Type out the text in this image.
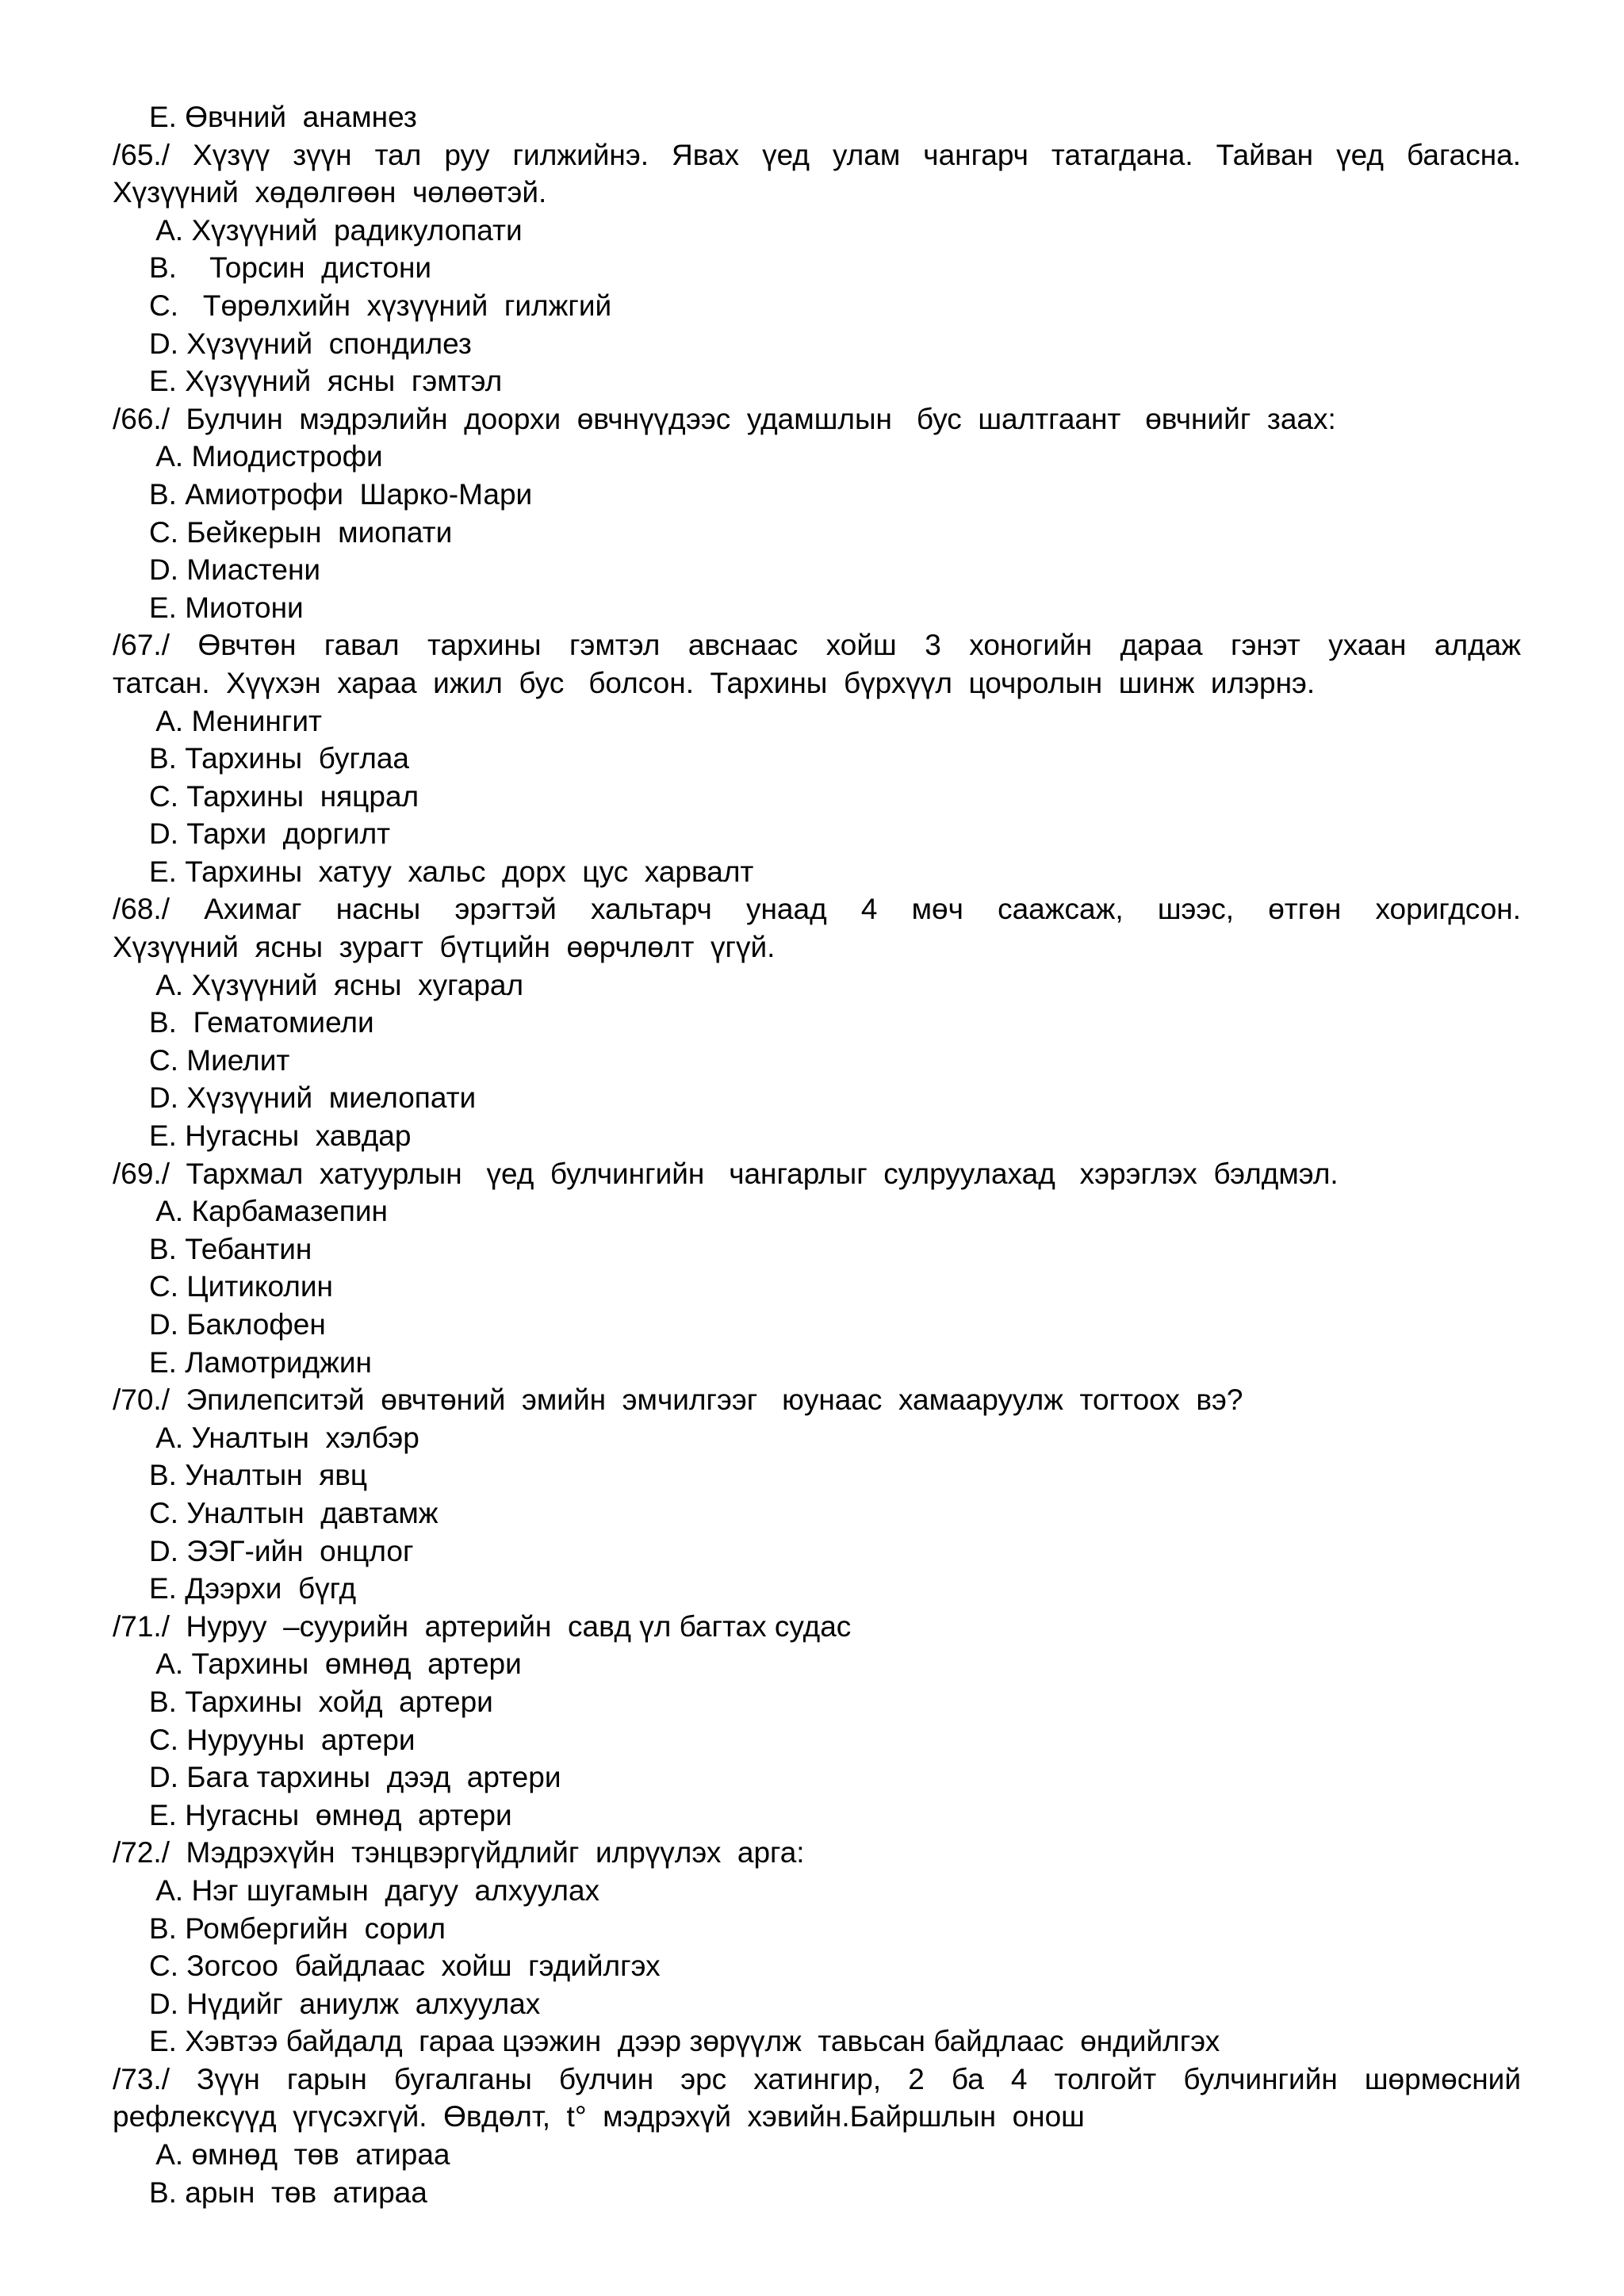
E. Өвчний  анамнез
/65./ Хүзүү зүүн тал руу гилжийнэ. Явах үед улам чангарч татагдана. Тайван үед багасна.
Хүзүүний  хөдөлгөөн  чөлөөтэй.
A. Хүзүүний  радикулопати
B.    Торсин  дистони
C.   Төрөлхийн  хүзүүний  гилжгий
D. Хүзүүний  спондилез
E. Хүзүүний  ясны  гэмтэл
/66./  Булчин  мэдрэлийн  доорхи  өвчнүүдээс  удамшлын   бус  шалтгаант   өвчнийг  заах:
A. Миодистрофи
B. Амиотрофи  Шарко-Мари
C. Бейкерын  миопати
D. Миастени
E. Миотони
/67./ Өвчтөн гавал тархины гэмтэл авснаас хойш 3 хоногийн дараа гэнэт ухаан алдаж
татсан.  Хүүхэн  хараа  ижил  бус   болсон.  Тархины  бүрхүүл  цочролын  шинж  илэрнэ.
A. Менингит
B. Тархины  буглаа
C. Тархины  няцрал
D. Тархи  доргилт
E. Тархины  хатуу  хальс  дорх  цус  харвалт
/68./ Ахимаг насны эрэгтэй хальтарч унаад 4 мөч саажсаж, шээс, өтгөн хоригдсон.
Хүзүүний  ясны  зурагт  бүтцийн  өөрчлөлт  үгүй.
A. Хүзүүний  ясны  хугарал
B.  Гематомиели
C. Миелит
D. Хүзүүний  миелопати
E. Нугасны  хавдар
/69./  Тархмал  хатуурлын   үед  булчингийн   чангарлыг  сулруулахад   хэрэглэх  бэлдмэл.
A. Карбамазепин
B. Тебантин
C. Цитиколин
D. Баклофен
E. Ламотриджин
/70./  Эпилепситэй  өвчтөний  эмийн  эмчилгээг   юунаас  хамааруулж  тогтоох  вэ?
A. Уналтын  хэлбэр
B. Уналтын  явц
C. Уналтын  давтамж
D. ЭЭГ-ийн  онцлог
E. Дээрхи  бүгд
/71./  Нуруу  –суурийн  артерийн  савд үл багтах судас
A. Тархины  өмнөд  артери
B. Тархины  хойд  артери
C. Нурууны  артери
D. Бага тархины  дээд  артери
E. Нугасны  өмнөд  артери
/72./  Мэдрэхүйн  тэнцвэргүйдлийг  илрүүлэх  арга:
A. Нэг шугамын  дагуу  алхуулах
B. Ромбергийн  сорил
C. Зогсоо  байдлаас  хойш  гэдийлгэх
D. Нүдийг  аниулж  алхуулах
E. Хэвтээ байдалд  гараа цээжин  дээр зөрүүлж  тавьсан байдлаас  өндийлгэх
/73./ Зүүн гарын бугалганы булчин эрс хатингир, 2 ба 4 толгойт булчингийн шөрмөсний
рефлексүүд  үгүсэхгүй.  Өвдөлт,  t°  мэдрэхүй  хэвийн.Байршлын  онош
A. өмнөд  төв  атираа
B. арын  төв  атираа
